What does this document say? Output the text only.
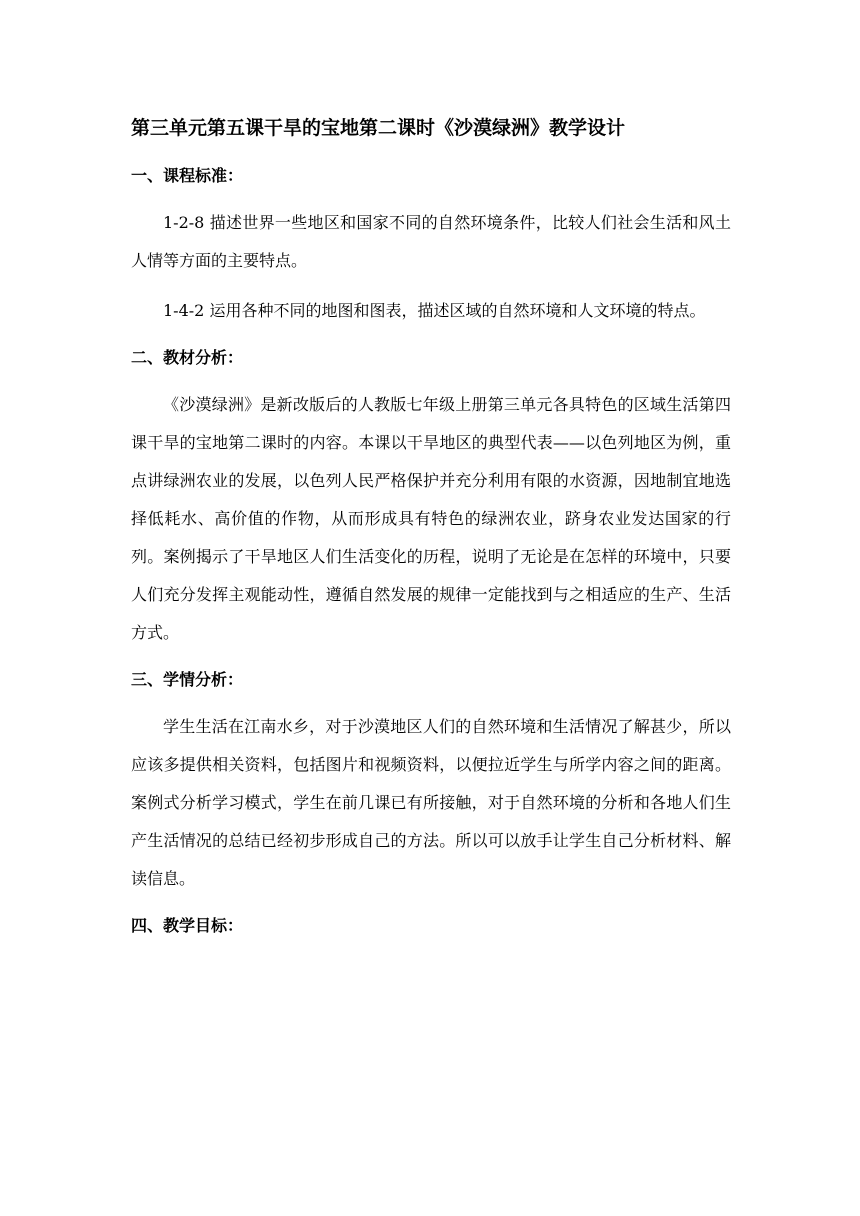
第三单元第五课干旱的宝地第二课时《沙漠绿洲》教学设计
一、课程标准：

1-2-8 描述世界一些地区和国家不同的自然环境条件，比较人们社会生活和风土人情等方面的主要特点。

1-4-2 运用各种不同的地图和图表，描述区域的自然环境和人文环境的特点。

二、教材分析：

《沙漠绿洲》是新改版后的人教版七年级上册第三单元各具特色的区域生活第四课干旱的宝地第二课时的内容。本课以干旱地区的典型代表——以色列地区为例，重点讲绿洲农业的发展，以色列人民严格保护并充分利用有限的水资源，因地制宜地选择低耗水、高价值的作物，从而形成具有特色的绿洲农业，跻身农业发达国家的行列。案例揭示了干旱地区人们生活变化的历程，说明了无论是在怎样的环境中，只要人们充分发挥主观能动性，遵循自然发展的规律一定能找到与之相适应的生产、生活方式。

三、学情分析：

学生生活在江南水乡，对于沙漠地区人们的自然环境和生活情况了解甚少，所以应该多提供相关资料，包括图片和视频资料，以便拉近学生与所学内容之间的距离。案例式分析学习模式，学生在前几课已有所接触，对于自然环境的分析和各地人们生产生活情况的总结已经初步形成自己的方法。所以可以放手让学生自己分析材料、解读信息。

四、教学目标：
